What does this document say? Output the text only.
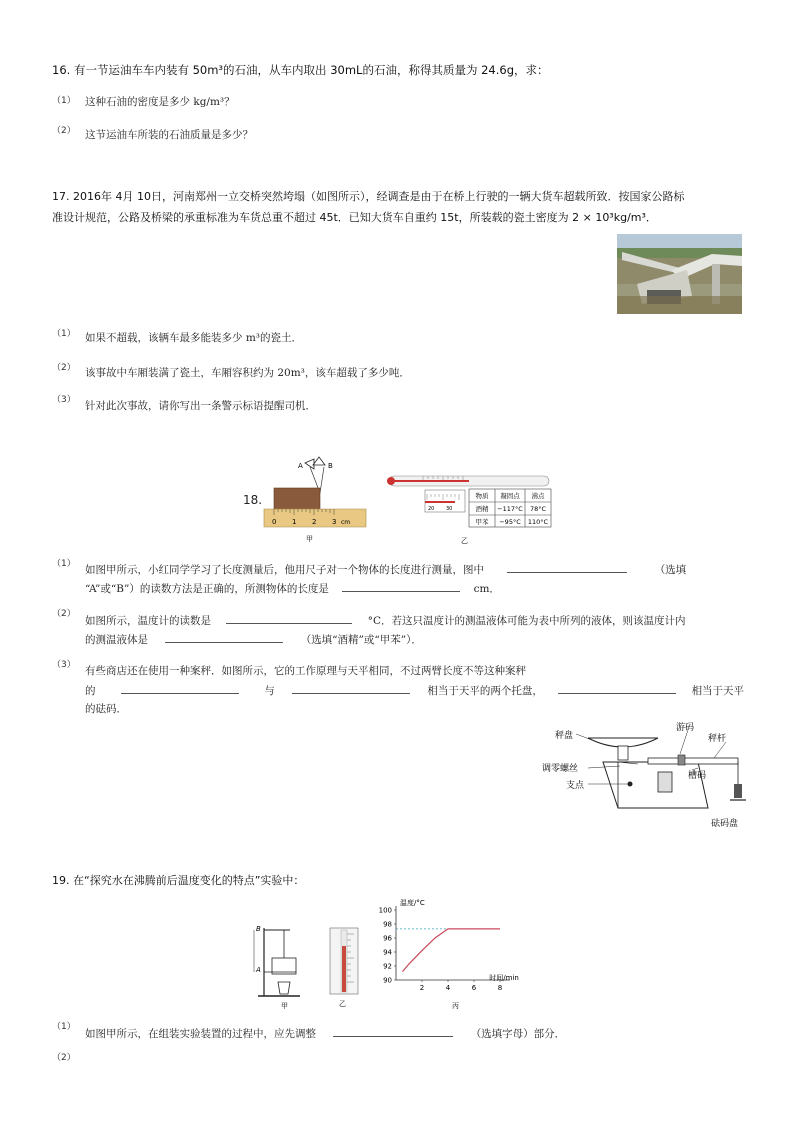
16. 有一节运油车车内装有 50m³的石油，从车内取出 30mL的石油，称得其质量为 24.6g，求：
（1） 这种石油的密度是多少 kg/m³？
（2） 这节运油车所装的石油质量是多少？
17. 2016年 4月 10日，河南郑州一立交桥突然垮塌（如图所示），经调查是由于在桥上行驶的一辆大货车超载所致．按国家公路标
准设计规范，公路及桥梁的承重标准为车货总重不超过 45t．已知大货车自重约 15t，所装载的瓷土密度为 2 × 10³kg/m³．
（1） 如果不超载，该辆车最多能装多少 m³的瓷土．
（2） 该事故中车厢装满了瓷土，车厢容积约为 20m³，该车超载了多少吨．
（3） 针对此次事故，请你写出一条警示标语提醒司机．
18.
A	B
0 1 2 3 cm
甲
20 30
物质 凝固点 沸点
酒精 −117°C 78°C
甲苯 −95°C 110°C
乙
（1） 如图甲所示，小红同学学习了长度测量后，他用尺子对一个物体的长度进行测量，图中	（选填
“A”或“B”）的读数方法是正确的，所测物体的长度是	cm．
（2）
如图所示，温度计的读数是	°C．若这只温度计的测温液体可能为表中所列的液体，则该温度计内
的测温液体是	（选填“酒精”或“甲苯”）．
（3） 有些商店还在使用一种案秤．如图所示，它的工作原理与天平相同，不过两臂长度不等这种案秤
的	与	相当于天平的两个托盘，	相当于天平
的砝码．
秤盘
游码
秤杆
调零螺丝
槽码
支点
砝码盘
19. 在“探究水在沸腾前后温度变化的特点”实验中：
B
A
甲	乙
温度/°C
时间/min
90
92
94
96
98
100
2	4	6	8
丙
（1）
如图甲所示，在组装实验装置的过程中，应先调整	（选填字母）部分．
（2）
